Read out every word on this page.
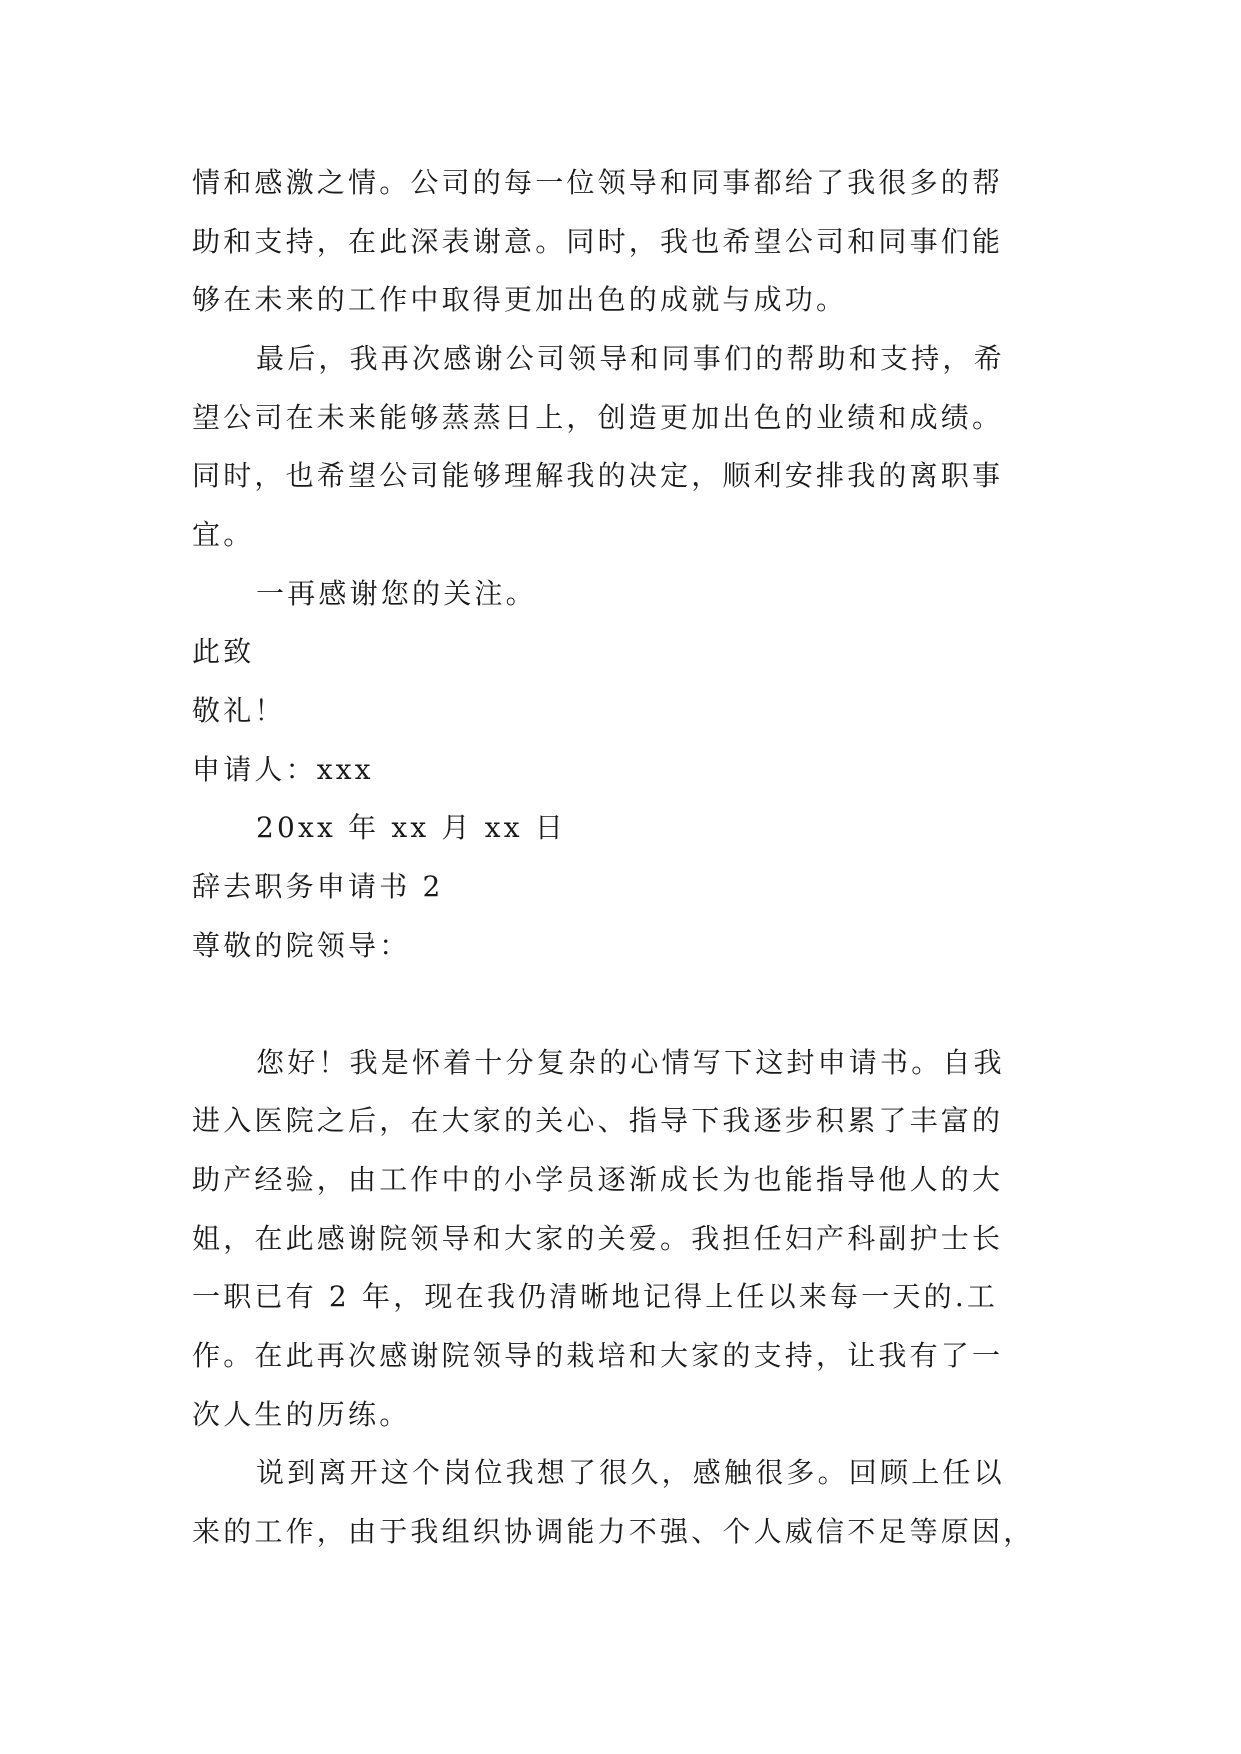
情和感激之情。公司的每一位领导和同事都给了我很多的帮
助和支持，在此深表谢意。同时，我也希望公司和同事们能
够在未来的工作中取得更加出色的成就与成功。
最后，我再次感谢公司领导和同事们的帮助和支持，希
望公司在未来能够蒸蒸日上，创造更加出色的业绩和成绩。
同时，也希望公司能够理解我的决定，顺利安排我的离职事
宜。
一再感谢您的关注。
此致
敬礼！
申请人：xxx
20xx 年 xx 月 xx 日
辞去职务申请书 2
尊敬的院领导：
您好！我是怀着十分复杂的心情写下这封申请书。自我
进入医院之后，在大家的关心、指导下我逐步积累了丰富的
助产经验，由工作中的小学员逐渐成长为也能指导他人的大
姐，在此感谢院领导和大家的关爱。我担任妇产科副护士长
一职已有 2 年，现在我仍清晰地记得上任以来每一天的.工
作。在此再次感谢院领导的栽培和大家的支持，让我有了一
次人生的历练。
说到离开这个岗位我想了很久，感触很多。回顾上任以
来的工作，由于我组织协调能力不强、个人威信不足等原因，
